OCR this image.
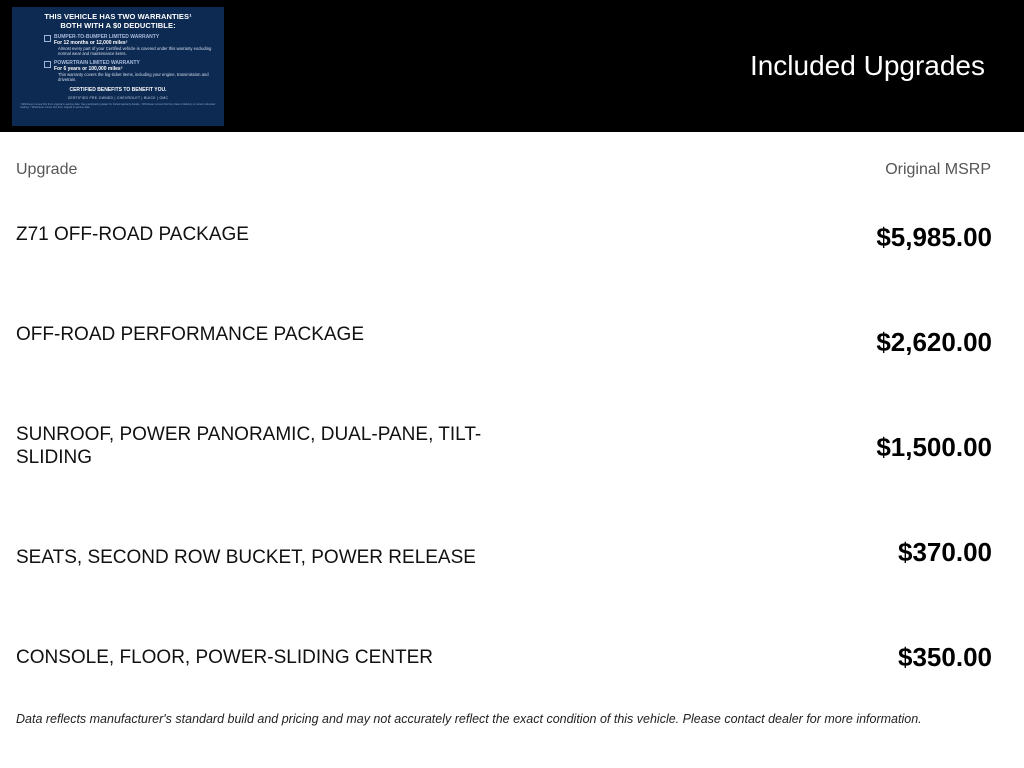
THIS VEHICLE HAS TWO WARRANTIES¹
BOTH WITH A $0 DEDUCTIBLE:
BUMPER-TO-BUMPER LIMITED WARRANTY
For 12 months or 12,000 miles²
Almost every part of your Certified vehicle is covered under this warranty excluding normal wear and maintenance items.
POWERTRAIN LIMITED WARRANTY
For 6 years or 100,000 miles³
This warranty covers the big-ticket items, including your engine, transmission and drivetrain.
CERTIFIED BENEFITS TO BENEFIT YOU.
CERTIFIED PRE-OWNED | CHEVROLET | BUICK | GMC
¹ Whichever comes first from original in-service date. See participating dealer for limited warranty details. ² Whichever comes first from date of delivery or current odometer reading. ³ Whichever comes first from original in-service date.
Included Upgrades
Upgrade	Original MSRP
Z71 OFF-ROAD PACKAGE	$5,985.00
OFF-ROAD PERFORMANCE PACKAGE	$2,620.00
SUNROOF, POWER PANORAMIC, DUAL-PANE, TILT-SLIDING	$1,500.00
SEATS, SECOND ROW BUCKET, POWER RELEASE	$370.00
CONSOLE, FLOOR, POWER-SLIDING CENTER	$350.00
Data reflects manufacturer's standard build and pricing and may not accurately reflect the exact condition of this vehicle. Please contact dealer for more information.
